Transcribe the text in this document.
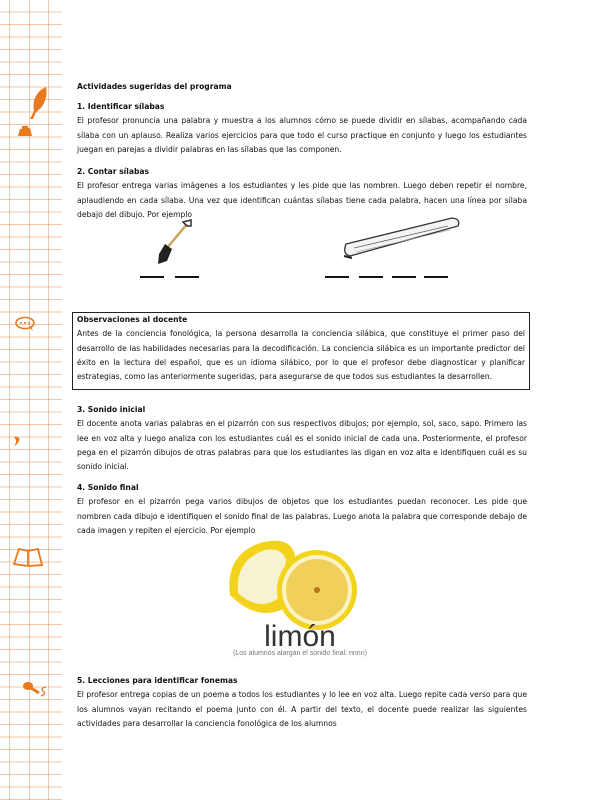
Actividades sugeridas del programa
1. Identificar sílabas
El profesor pronuncia una palabra y muestra a los alumnos cómo se puede dividir en sílabas, acompañando cada sílaba con un aplauso. Realiza varios ejercicios para que todo el curso practique en conjunto y luego los estudiantes juegan en parejas a dividir palabras en las sílabas que las componen.
2. Contar sílabas
El profesor entrega varias imágenes a los estudiantes y les pide que las nombren. Luego deben repetir el nombre, aplaudiendo en cada sílaba. Una vez que identifican cuántas sílabas tiene cada palabra, hacen una línea por sílaba debajo del dibujo. Por ejemplo
Observaciones al docente
Antes de la conciencia fonológica, la persona desarrolla la conciencia silábica, que constituye el primer paso del desarrollo de las habilidades necesarias para la decodificación. La conciencia silábica es un importante predictor del éxito en la lectura del español, que es un idioma silábico, por lo que el profesor debe diagnosticar y planificar estrategias, como las anteriormente sugeridas, para asegurarse de que todos sus estudiantes la desarrollen.
3. Sonido inicial
El docente anota varias palabras en el pizarrón con sus respectivos dibujos; por ejemplo, sol, saco, sapo. Primero las lee en voz alta y luego analiza con los estudiantes cuál es el sonido inicial de cada una. Posteriormente, el profesor pega en el pizarrón dibujos de otras palabras para que los estudiantes las digan en voz alta e identifiquen cuál es su sonido inicial.
4. Sonido final
El profesor en el pizarrón pega varios dibujos de objetos que los estudiantes puedan reconocer. Les pide que nombren cada dibujo e identifiquen el sonido final de las palabras. Luego anota la palabra que corresponde debajo de cada imagen y repiten el ejercicio. Por ejemplo
limón
(Los alumnos alargan el sonido final: nnnn)
5. Lecciones para identificar fonemas
El profesor entrega copias de un poema a todos los estudiantes y lo lee en voz alta. Luego repite cada verso para que los alumnos vayan recitando el poema junto con él. A partir del texto, el docente puede realizar las siguientes actividades para desarrollar la conciencia fonológica de los alumnos
